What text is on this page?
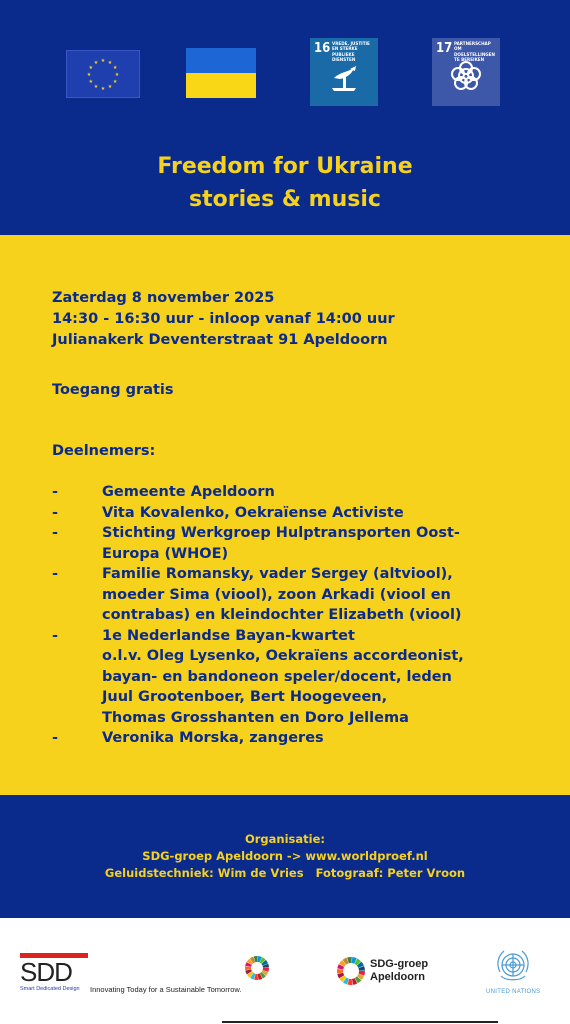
★
★
★
★
★
★
★
★
★ ★ ★
★
16 VREDE, JUSTITIE EN STERKE PUBLIEKE DIENSTEN
17 PARTNERSCHAP OM DOELSTELLINGEN TE BEREIKEN
Freedom for Ukraine
stories & music
Zaterdag 8 november 2025
14:30 - 16:30 uur - inloop vanaf 14:00 uur
Julianakerk Deventerstraat 91 Apeldoorn
Toegang gratis
Deelnemers:
-	Gemeente Apeldoorn
-	Vita Kovalenko, Oekraïense Activiste
-	Stichting Werkgroep Hulptransporten Oost-
Europa (WHOE)
-	Familie Romansky, vader Sergey (altviool),
moeder Sima (viool), zoon Arkadi (viool en
contrabas) en kleindochter Elizabeth (viool)
-	1e Nederlandse Bayan-kwartet
o.l.v. Oleg Lysenko, Oekraïens accordeonist,
bayan- en bandoneon speler/docent, leden
Juul Grootenboer, Bert Hoogeveen,
Thomas Grosshanten en Doro Jellema
-	Veronika Morska, zangeres
Organisatie:
SDG-groep Apeldoorn -> www.worldproef.nl
Geluidstechniek: Wim de Vries   Fotograaf: Peter Vroon
SDD
Smart Dedicated Design Innovating Today for a Sustainable Tomorrow.
SDG-groep
Apeldoorn
UNITED NATIONS
